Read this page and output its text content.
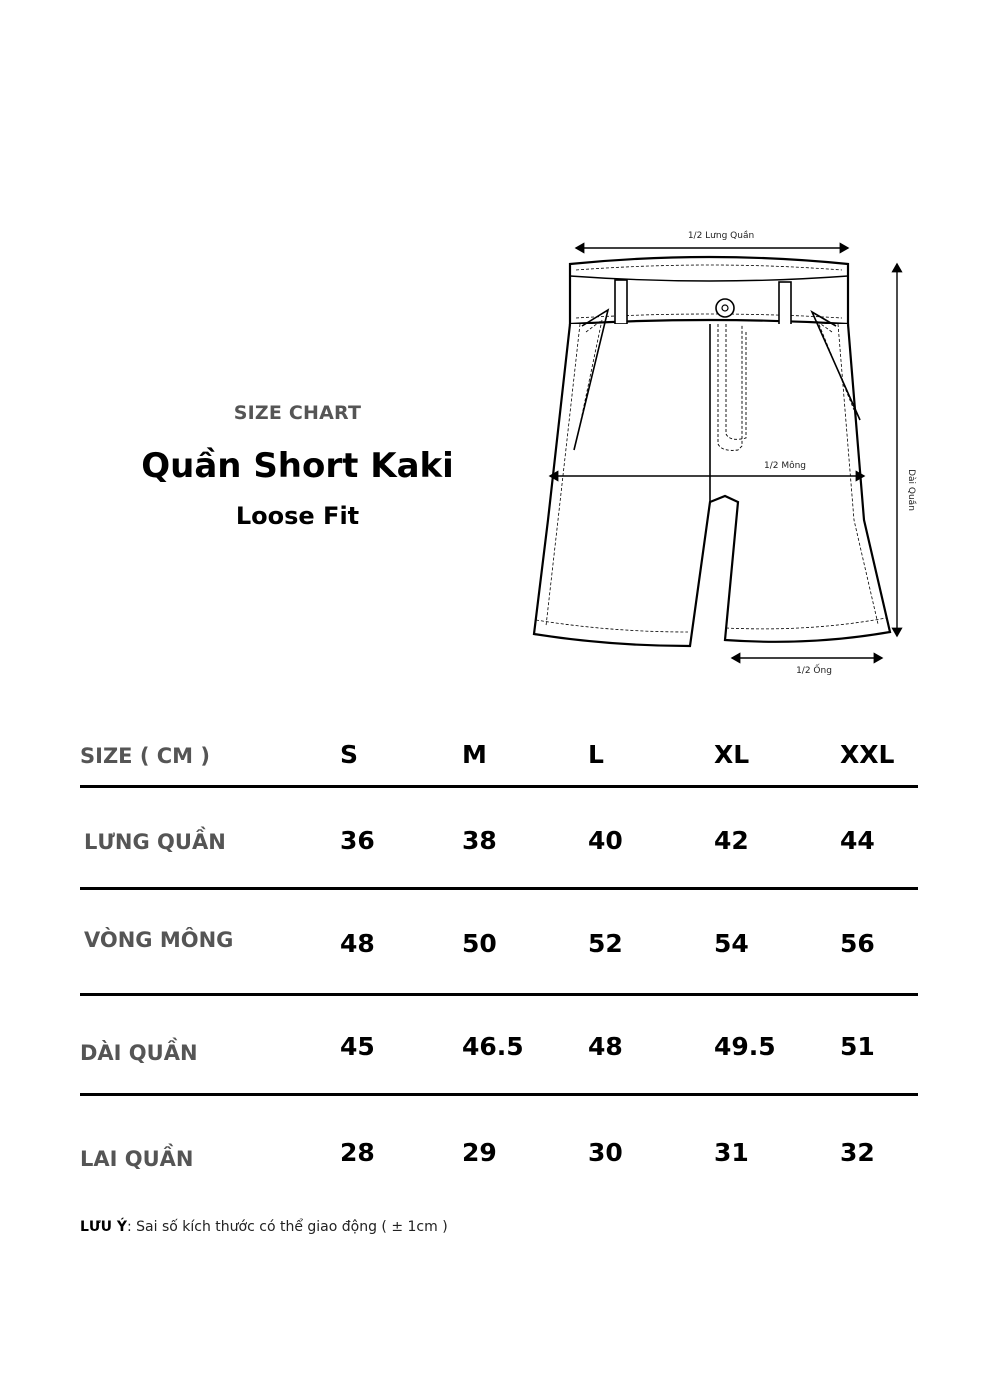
SIZE CHART
Quần Short Kaki
Loose Fit
1/2 Lưng Quần
Dài Quần
1/2 Mông
1/2 Ống
SIZE ( CM )	S	M	L	XL	XXL
LƯNG QUẦN	36	38	40	42	44
VÒNG MÔNG	48	50	52	54	56
DÀI QUẦN	45	46.5	48	49.5	51
LAI QUẦN	28	29	30	31	32
LƯU Ý: Sai số kích thước có thể giao động ( ± 1cm )
